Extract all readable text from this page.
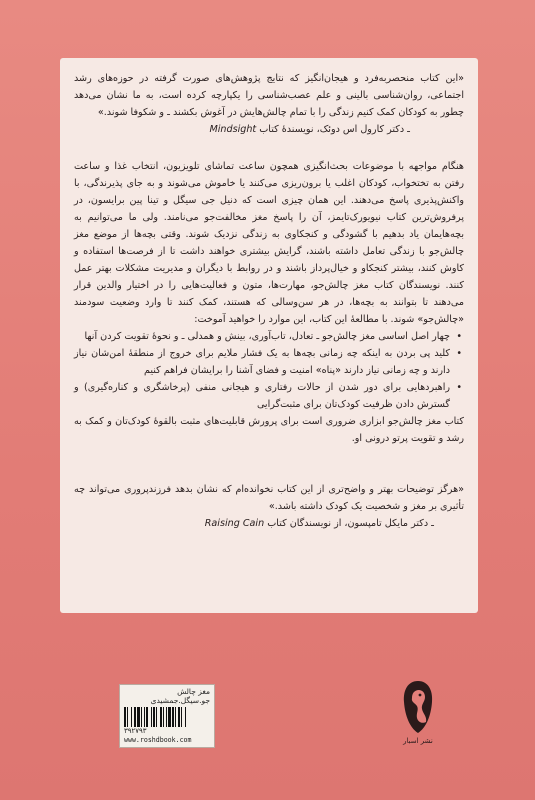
«این کتاب منحصربه‌فرد و هیجان‌انگیز که نتایج پژوهش‌های صورت گرفته در حوزه‌های رشد اجتماعی، روان‌شناسی بالینی و علم عصب‌شناسی را یکپارچه کرده است، به ما نشان می‌دهد چطور به کودکان کمک کنیم زندگی را با تمام چالش‌هایش در آغوش بکشند ـ و شکوفا شوند.»

ـ دکتر کارول اس دوئک، نویسندهٔ کتاب Mindsight

هنگام مواجهه با موضوعات بحث‌انگیزی همچون ساعت تماشای تلویزیون، انتخاب غذا و ساعت رفتن به تختخواب، کودکان اغلب یا برون‌ریزی می‌کنند یا خاموش می‌شوند و به جای پذیرندگی، با واکنش‌پذیری پاسخ می‌دهند. این همان چیزی است که دنیل جی سیگل و تینا پین برایسون، در پرفروش‌ترین کتاب نیویورک‌تایمز، آن را پاسخ مغز مخالفت‌جو می‌نامند. ولی ما می‌توانیم به بچه‌هایمان یاد بدهیم با گشودگی و کنجکاوی به زندگی نزدیک شوند. وقتی بچه‌ها از موضع مغز چالش‌جو با زندگی تعامل داشته باشند، گرایش بیشتری خواهند داشت تا از فرصت‌ها استفاده و کاوش کنند، بیشتر کنجکاو و خیال‌پرداز باشند و در روابط با دیگران و مدیریت مشکلات بهتر عمل کنند. نویسندگان کتاب مغز چالش‌جو، مهارت‌ها، متون و فعالیت‌هایی را در اختیار والدین قرار می‌دهند تا بتوانند به بچه‌ها، در هر سن‌وسالی که هستند، کمک کنند تا وارد وضعیت سودمند «چالش‌جو» شوند. با مطالعهٔ این کتاب، این موارد را خواهید آموخت:

• چهار اصل اساسی مغز چالش‌جو ـ تعادل، تاب‌آوری، بینش و همدلی ـ و نحوهٔ تقویت کردن آنها
• کلید پی بردن به اینکه چه زمانی بچه‌ها به یک فشار ملایم برای خروج از منطقهٔ امن‌شان نیاز دارند و چه زمانی نیاز دارند «پناه» امنیت و فضای آشنا را برایشان فراهم کنیم
• راهبردهایی برای دور شدن از حالات رفتاری و هیجانی منفی (پرخاشگری و کناره‌گیری) و گسترش دادن ظرفیت کودک‌تان برای مثبت‌گرایی

کتاب مغز چالش‌جو ابزاری ضروری است برای پرورش قابلیت‌های مثبت بالقوهٔ کودک‌تان و کمک به رشد و تقویت پرتو درونی او.

«هرگز توضیحات بهتر و واضح‌تری از این کتاب نخوانده‌ام که نشان بدهد فرزندپروری می‌تواند چه تأثیری بر مغز و شخصیت یک کودک داشته باشد.»

ـ دکتر مایکل تامپسون، از نویسندگان کتاب Raising Cain

مغز چالش
جو.سیگل.جمشیدی
۳۹۲۷۹۳
www.roshdbook.com	نشر اسبار
